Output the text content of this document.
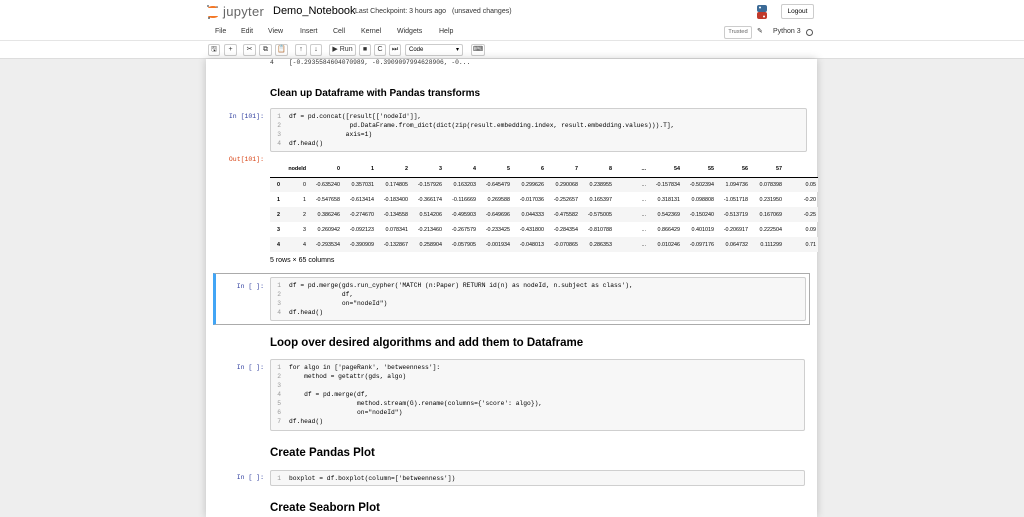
jupyter Demo_Notebook Last Checkpoint: 3 hours ago (unsaved changes)	Logout
File Edit View Insert Cell Kernel Widgets Help	Trusted	✎ Python 3
🖫	+	✂	⧉	📋	↑	↓	▶ Run	■	C	⏭	Code	▾ ⌨
4    [-0.2935584604070989, -0.3909097994628906, -0...
Clean up Dataframe with Pandas transforms
In [101]:	1 df = pd.concat([result[['nodeId']],
2                pd.DataFrame.from_dict(dict(zip(result.embedding.index, result.embedding.values))).T],
3               axis=1)
4 df.head()
Out[101]:
	nodeId	0	1	2	3	4	5	6	7	8	...	54	55	56	57	
0	0	-0.635240	0.357031	0.174805	-0.157926	0.163203	-0.645479	0.299626	0.290068	0.238955	...	-0.157834	-0.502394	1.094736	0.078398	0.05
1	1	-0.547658	-0.613414	-0.183400	-0.366174	-0.116669	0.269588	-0.017036	-0.252657	0.165397	...	0.318131	0.098808	-1.051718	0.231950	-0.20
2	2	0.386246	-0.274670	-0.134558	0.514206	-0.495903	-0.649696	0.044333	-0.475582	-0.575005	...	0.542369	-0.150240	-0.513719	0.167069	-0.25
3	3	0.260942	-0.092123	0.078341	-0.213460	-0.267579	-0.233425	-0.431800	-0.284354	-0.810788	...	0.866429	0.401019	-0.206917	0.222504	0.09
4	4	-0.293534	-0.390909	-0.132867	0.258904	-0.057905	-0.001934	-0.048013	-0.070865	0.286353	...	0.010246	-0.097176	0.064732	0.111299	0.71
5 rows × 65 columns
In [ ]:	1 df = pd.merge(gds.run_cypher('MATCH (n:Paper) RETURN id(n) as nodeId, n.subject as class'),
2              df,
3              on="nodeId")
4 df.head()
Loop over desired algorithms and add them to Dataframe
In [ ]:	1 for algo in ['pageRank', 'betweenness']:
2    method = getattr(gds, algo)
3
4    df = pd.merge(df,
5                  method.stream(G).rename(columns={'score': algo}),
6                  on="nodeId")
7 df.head()
Create Pandas Plot
In [ ]:	1 boxplot = df.boxplot(column=['betweenness'])
Create Seaborn Plot
